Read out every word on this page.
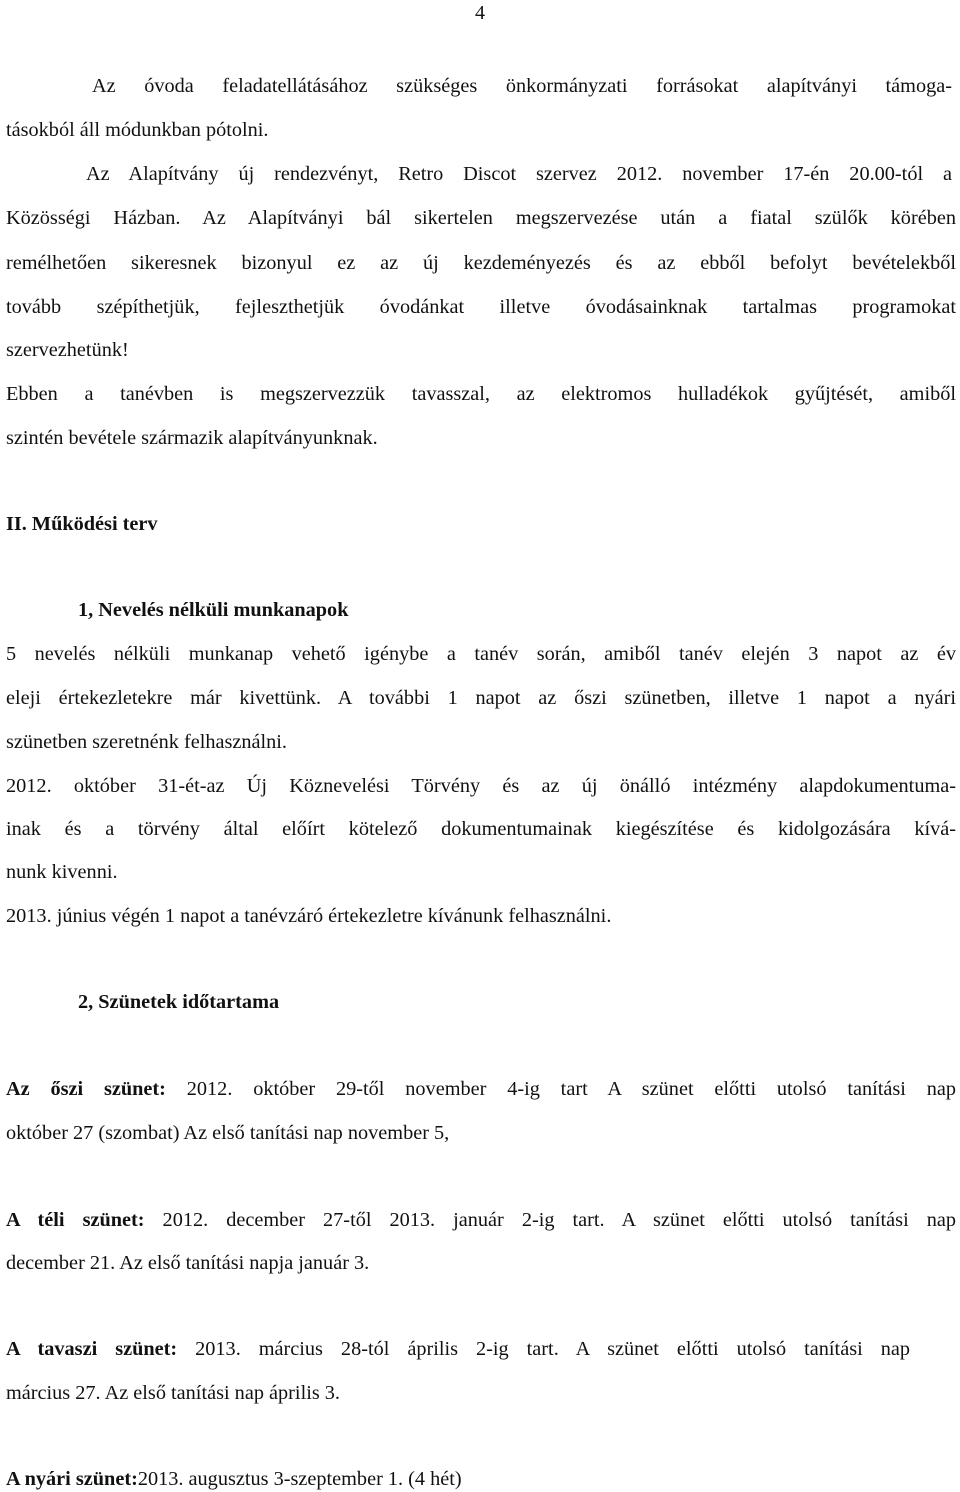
4
Az óvoda feladatellátásához szükséges önkormányzati forrásokat alapítványi támoga-
tásokból áll módunkban pótolni.
Az Alapítvány új rendezvényt, Retro Discot szervez 2012. november 17-én 20.00-tól a
Közösségi Házban. Az Alapítványi bál sikertelen megszervezése után a fiatal szülők körében
remélhetően sikeresnek bizonyul ez az új kezdeményezés és az ebből befolyt bevételekből
tovább szépíthetjük, fejleszthetjük óvodánkat illetve óvodásainknak tartalmas programokat
szervezhetünk!
Ebben a tanévben is megszervezzük tavasszal, az elektromos hulladékok gyűjtését, amiből
szintén bevétele származik alapítványunknak.
II. Működési terv
1, Nevelés nélküli munkanapok
5 nevelés nélküli munkanap vehető igénybe a tanév során, amiből tanév elején 3 napot az év
eleji értekezletekre már kivettünk. A további 1 napot az őszi szünetben, illetve 1 napot a nyári
szünetben szeretnénk felhasználni.
2012. október 31-ét-az Új Köznevelési Törvény és az új önálló intézmény alapdokumentuma-
inak és a törvény által előírt kötelező dokumentumainak kiegészítése és kidolgozására kívá-
nunk kivenni.
2013. június végén 1 napot a tanévzáró értekezletre kívánunk felhasználni.
2, Szünetek időtartama
Az őszi szünet: 2012. október 29-től november 4-ig tart A szünet előtti utolsó tanítási nap
október 27 (szombat) Az első tanítási nap november 5,
A téli szünet: 2012. december 27-től 2013. január 2-ig tart. A szünet előtti utolsó tanítási nap
december 21. Az első tanítási napja január 3.
A tavaszi szünet: 2013. március 28-tól április 2-ig tart. A szünet előtti utolsó tanítási nap
március 27. Az első tanítási nap április 3.
A nyári szünet:2013. augusztus 3-szeptember 1. (4 hét)
